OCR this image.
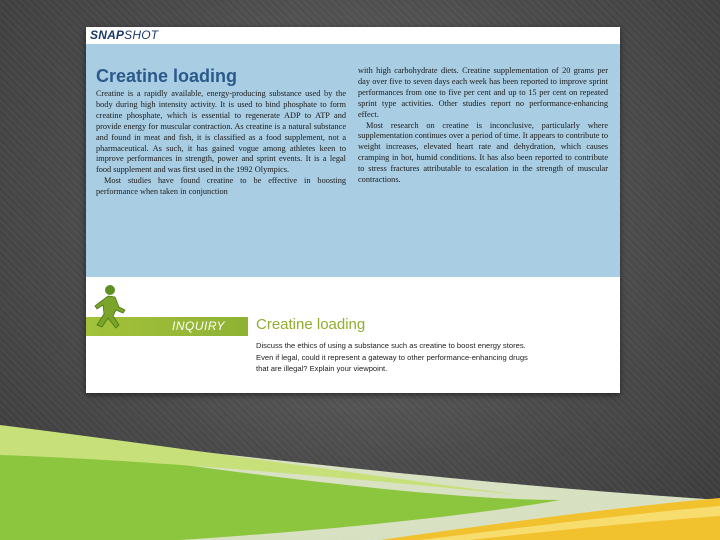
SNAPSHOT
Creatine loading

Creatine is a rapidly available, energy-producing substance used by the body during high intensity activity. It is used to bind phosphate to form creatine phosphate, which is essential to regenerate ADP to ATP and provide energy for muscular contraction. As creatine is a natural substance and found in meat and fish, it is classified as a food supplement, not a pharmaceutical. As such, it has gained vogue among athletes keen to improve performances in strength, power and sprint events. It is a legal food supplement and was first used in the 1992 Olympics.

Most studies have found creatine to be effective in boosting performance when taken in conjunction

with high carbohydrate diets. Creatine supplementation of 20 grams per day over five to seven days each week has been reported to improve sprint performances from one to five per cent and up to 15 per cent on repeated sprint type activities. Other studies report no performance-enhancing effect.

Most research on creatine is inconclusive, particularly where supplementation continues over a period of time. It appears to contribute to weight increases, elevated heart rate and dehydration, which causes cramping in hot, humid conditions. It has also been reported to contribute to stress fractures attributable to escalation in the strength of muscular contractions.

INQUIRY Creatine loading
Discuss the ethics of using a substance such as creatine to boost energy stores.
Even if legal, could it represent a gateway to other performance-enhancing drugs
that are illegal? Explain your viewpoint.
